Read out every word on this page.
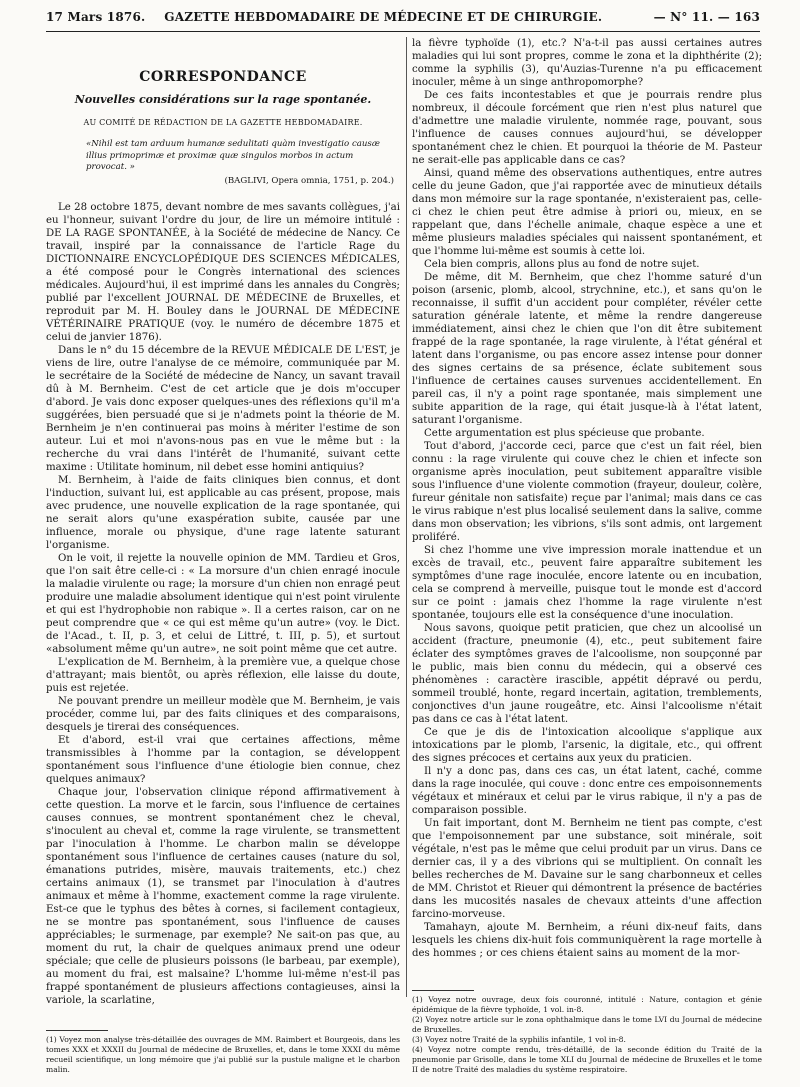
17 Mars 1876.	GAZETTE HEBDOMADAIRE DE MÉDECINE ET DE CHIRURGIE.	— N° 11. — 163
CORRESPONDANCE
Nouvelles considérations sur la rage spontanée.
AU COMITÉ DE RÉDACTION DE LA GAZETTE HEBDOMADAIRE.
«Nihil est tam arduum humanæ sedulitati quàm investigatio causæ illius primoprimæ et proximæ quæ singulos morbos in actum provocat. »
(BAGLIVI, Opera omnia, 1751, p. 204.)

Le 28 octobre 1875, devant nombre de mes savants collègues, j'ai eu l'honneur, suivant l'ordre du jour, de lire un mémoire intitulé : DE LA RAGE SPONTANÉE, à la Société de médecine de Nancy. Ce travail, inspiré par la connaissance de l'article Rage du DICTIONNAIRE ENCYCLOPÉDIQUE DES SCIENCES MÉDICALES, a été composé pour le Congrès international des sciences médicales. Aujourd'hui, il est imprimé dans les annales du Congrès; publié par l'excellent JOURNAL DE MÉDECINE de Bruxelles, et reproduit par M. H. Bouley dans le JOURNAL DE MÉDECINE VÉTÉRINAIRE PRATIQUE (voy. le numéro de décembre 1875 et celui de janvier 1876).

Dans le n° du 15 décembre de la REVUE MÉDICALE DE L'EST, je viens de lire, outre l'analyse de ce mémoire, communiquée par M. le secrétaire de la Société de médecine de Nancy, un savant travail dû à M. Bernheim. C'est de cet article que je dois m'occuper d'abord. Je vais donc exposer quelques-unes des réflexions qu'il m'a suggérées, bien persuadé que si je n'admets point la théorie de M. Bernheim je n'en continuerai pas moins à mériter l'estime de son auteur. Lui et moi n'avons-nous pas en vue le même but : la recherche du vrai dans l'intérêt de l'humanité, suivant cette maxime : Utilitate hominum, nil debet esse homini antiquius?

M. Bernheim, à l'aide de faits cliniques bien connus, et dont l'induction, suivant lui, est applicable au cas présent, propose, mais avec prudence, une nouvelle explication de la rage spontanée, qui ne serait alors qu'une exaspération subite, causée par une influence, morale ou physique, d'une rage latente saturant l'organisme.

On le voit, il rejette la nouvelle opinion de MM. Tardieu et Gros, que l'on sait être celle-ci : « La morsure d'un chien enragé inocule la maladie virulente ou rage; la morsure d'un chien non enragé peut produire une maladie absolument identique qui n'est point virulente et qui est l'hydrophobie non rabique ». Il a certes raison, car on ne peut comprendre que « ce qui est même qu'un autre» (voy. le Dict. de l'Acad., t. II, p. 3, et celui de Littré, t. III, p. 5), et surtout «absolument même qu'un autre», ne soit point même que cet autre.

L'explication de M. Bernheim, à la première vue, a quelque chose d'attrayant; mais bientôt, ou après réflexion, elle laisse du doute, puis est rejetée.

Ne pouvant prendre un meilleur modèle que M. Bernheim, je vais procéder, comme lui, par des faits cliniques et des comparaisons, desquels je tirerai des conséquences.

Et d'abord, est-il vrai que certaines affections, même transmissibles à l'homme par la contagion, se développent spontanément sous l'influence d'une étiologie bien connue, chez quelques animaux?

Chaque jour, l'observation clinique répond affirmativement à cette question. La morve et le farcin, sous l'influence de certaines causes connues, se montrent spontanément chez le cheval, s'inoculent au cheval et, comme la rage virulente, se transmettent par l'inoculation à l'homme. Le charbon malin se développe spontanément sous l'influence de certaines causes (nature du sol, émanations putrides, misère, mauvais traitements, etc.) chez certains animaux (1), se transmet par l'inoculation à d'autres animaux et même à l'homme, exactement comme la rage virulente. Est-ce que le typhus des bêtes à cornes, si facilement contagieux, ne se montre pas spontanément, sous l'influence de causes appréciables; le surmenage, par exemple? Ne sait-on pas que, au moment du rut, la chair de quelques animaux prend une odeur spéciale; que celle de plusieurs poissons (le barbeau, par exemple), au moment du frai, est malsaine? L'homme lui-même n'est-il pas frappé spontanément de plusieurs affections contagieuses, ainsi la variole, la scarlatine,

(1) Voyez mon analyse très-détaillée des ouvrages de MM. Raimbert et Bourgeois, dans les tomes XXX et XXXII du Journal de médecine de Bruxelles, et, dans le tome XXXI du même recueil scientifique, un long mémoire que j'ai publié sur la pustule maligne et le charbon malin.

la fièvre typhoïde (1), etc.? N'a-t-il pas aussi certaines autres maladies qui lui sont propres, comme le zona et la diphthérite (2); comme la syphilis (3), qu'Auzias-Turenne n'a pu efficacement inoculer, même à un singe anthropomorphe?

De ces faits incontestables et que je pourrais rendre plus nombreux, il découle forcément que rien n'est plus naturel que d'admettre une maladie virulente, nommée rage, pouvant, sous l'influence de causes connues aujourd'hui, se développer spontanément chez le chien. Et pourquoi la théorie de M. Pasteur ne serait-elle pas applicable dans ce cas?

Ainsi, quand même des observations authentiques, entre autres celle du jeune Gadon, que j'ai rapportée avec de minutieux détails dans mon mémoire sur la rage spontanée, n'existeraient pas, celle-ci chez le chien peut être admise à priori ou, mieux, en se rappelant que, dans l'échelle animale, chaque espèce a une et même plusieurs maladies spéciales qui naissent spontanément, et que l'homme lui-même est soumis à cette loi.

Cela bien compris, allons plus au fond de notre sujet.

De même, dit M. Bernheim, que chez l'homme saturé d'un poison (arsenic, plomb, alcool, strychnine, etc.), et sans qu'on le reconnaisse, il suffit d'un accident pour compléter, révéler cette saturation générale latente, et même la rendre dangereuse immédiatement, ainsi chez le chien que l'on dit être subitement frappé de la rage spontanée, la rage virulente, à l'état général et latent dans l'organisme, ou pas encore assez intense pour donner des signes certains de sa présence, éclate subitement sous l'influence de certaines causes survenues accidentellement. En pareil cas, il n'y a point rage spontanée, mais simplement une subite apparition de la rage, qui était jusque-là à l'état latent, saturant l'organisme.

Cette argumentation est plus spécieuse que probante.

Tout d'abord, j'accorde ceci, parce que c'est un fait réel, bien connu : la rage virulente qui couve chez le chien et infecte son organisme après inoculation, peut subitement apparaître visible sous l'influence d'une violente commotion (frayeur, douleur, colère, fureur génitale non satisfaite) reçue par l'animal; mais dans ce cas le virus rabique n'est plus localisé seulement dans la salive, comme dans mon observation; les vibrions, s'ils sont admis, ont largement proliféré.

Si chez l'homme une vive impression morale inattendue et un excès de travail, etc., peuvent faire apparaître subitement les symptômes d'une rage inoculée, encore latente ou en incubation, cela se comprend à merveille, puisque tout le monde est d'accord sur ce point : jamais chez l'homme la rage virulente n'est spontanée, toujours elle est la conséquence d'une inoculation.

Nous savons, quoique petit praticien, que chez un alcoolisé un accident (fracture, pneumonie (4), etc., peut subitement faire éclater des symptômes graves de l'alcoolisme, non soupçonné par le public, mais bien connu du médecin, qui a observé ces phénomènes : caractère irascible, appétit dépravé ou perdu, sommeil troublé, honte, regard incertain, agitation, tremblements, conjonctives d'un jaune rougeâtre, etc. Ainsi l'alcoolisme n'était pas dans ce cas à l'état latent.

Ce que je dis de l'intoxication alcoolique s'applique aux intoxications par le plomb, l'arsenic, la digitale, etc., qui offrent des signes précoces et certains aux yeux du praticien.

Il n'y a donc pas, dans ces cas, un état latent, caché, comme dans la rage inoculée, qui couve : donc entre ces empoisonnements végétaux et minéraux et celui par le virus rabique, il n'y a pas de comparaison possible.

Un fait important, dont M. Bernheim ne tient pas compte, c'est que l'empoisonnement par une substance, soit minérale, soit végétale, n'est pas le même que celui produit par un virus. Dans ce dernier cas, il y a des vibrions qui se multiplient. On connaît les belles recherches de M. Davaine sur le sang charbonneux et celles de MM. Christot et Rieuer qui démontrent la présence de bactéries dans les mucosités nasales de chevaux atteints d'une affection farcino-morveuse.

Tamahayn, ajoute M. Bernheim, a réuni dix-neuf faits, dans lesquels les chiens dix-huit fois communiquèrent la rage mortelle à des hommes ; or ces chiens étaient sains au moment de la mor-

(1) Voyez notre ouvrage, deux fois couronné, intitulé : Nature, contagion et génie épidémique de la fièvre typhoïde, 1 vol. in-8.

(2) Voyez notre article sur le zona ophthalmique dans le tome LVI du Journal de médecine de Bruxelles.

(3) Voyez notre Traité de la syphilis infantile, 1 vol in-8.

(4) Voyez notre compte rendu, très-détaillé, de la seconde édition du Traité de la pneumonie par Grisolle, dans le tome XLI du Journal de médecine de Bruxelles et le tome II de notre Traité des maladies du système respiratoire.
